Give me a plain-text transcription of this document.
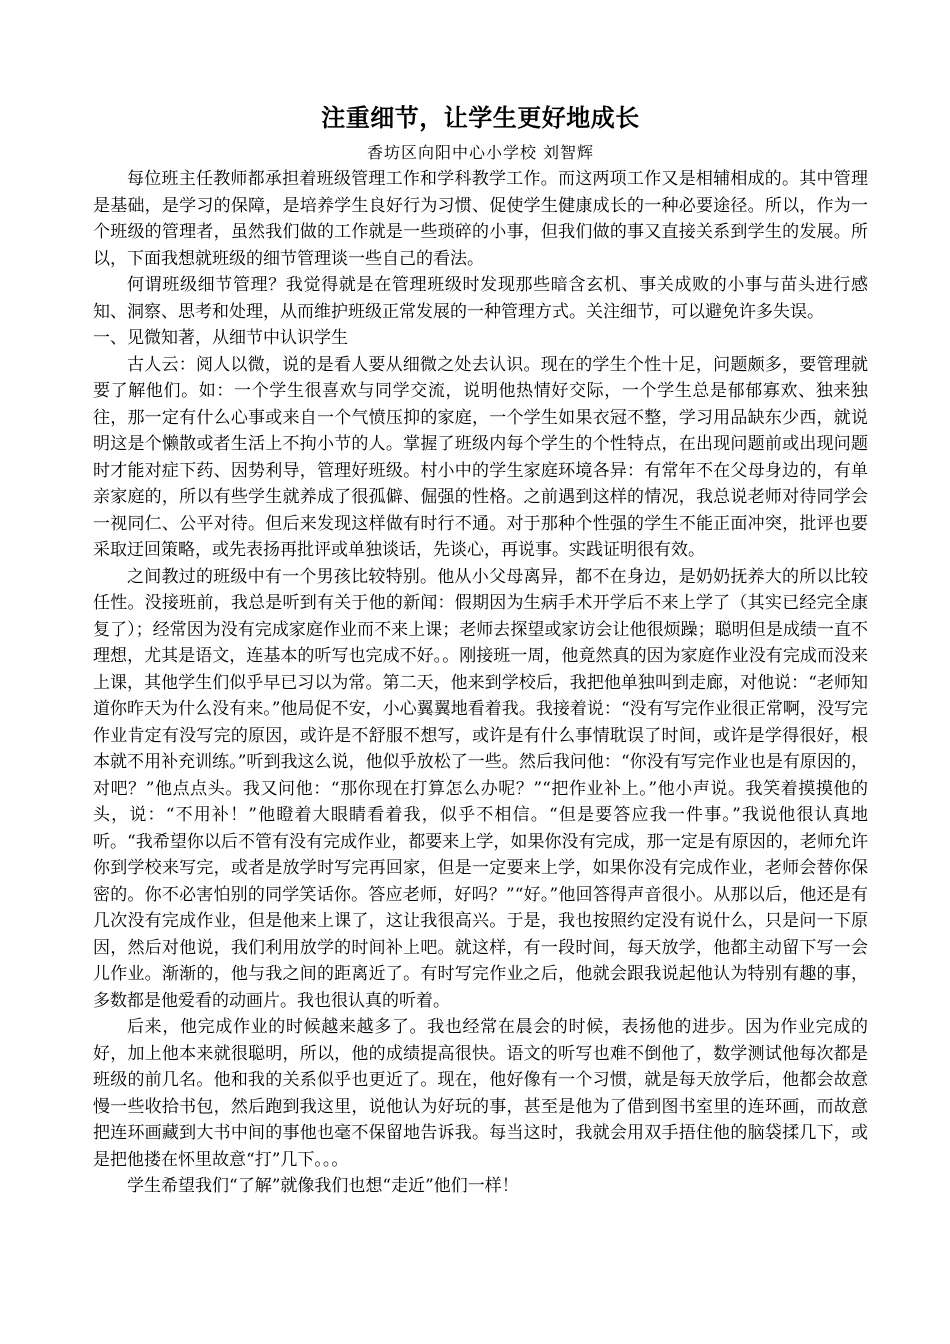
注重细节，让学生更好地成长
香坊区向阳中心小学校 刘智辉

每位班主任教师都承担着班级管理工作和学科教学工作。而这两项工作又是相辅相成的。其中管理是基础，是学习的保障，是培养学生良好行为习惯、促使学生健康成长的一种必要途径。所以，作为一个班级的管理者，虽然我们做的工作就是一些琐碎的小事，但我们做的事又直接关系到学生的发展。所以，下面我想就班级的细节管理谈一些自己的看法。

何谓班级细节管理？我觉得就是在管理班级时发现那些暗含玄机、事关成败的小事与苗头进行感知、洞察、思考和处理，从而维护班级正常发展的一种管理方式。关注细节，可以避免许多失误。

一、见微知著，从细节中认识学生

古人云：阅人以微，说的是看人要从细微之处去认识。现在的学生个性十足，问题颇多，要管理就要了解他们。如：一个学生很喜欢与同学交流，说明他热情好交际，一个学生总是郁郁寡欢、独来独往，那一定有什么心事或来自一个气愤压抑的家庭，一个学生如果衣冠不整，学习用品缺东少西，就说明这是个懒散或者生活上不拘小节的人。掌握了班级内每个学生的个性特点，在出现问题前或出现问题时才能对症下药、因势利导，管理好班级。村小中的学生家庭环境各异：有常年不在父母身边的，有单亲家庭的，所以有些学生就养成了很孤僻、倔强的性格。之前遇到这样的情况，我总说老师对待同学会一视同仁、公平对待。但后来发现这样做有时行不通。对于那种个性强的学生不能正面冲突，批评也要采取迂回策略，或先表扬再批评或单独谈话，先谈心，再说事。实践证明很有效。

之间教过的班级中有一个男孩比较特别。他从小父母离异，都不在身边，是奶奶抚养大的所以比较任性。没接班前，我总是听到有关于他的新闻：假期因为生病手术开学后不来上学了（其实已经完全康复了）；经常因为没有完成家庭作业而不来上课；老师去探望或家访会让他很烦躁；聪明但是成绩一直不理想，尤其是语文，连基本的听写也完成不好。。刚接班一周，他竟然真的因为家庭作业没有完成而没来上课，其他学生们似乎早已习以为常。第二天，他来到学校后，我把他单独叫到走廊，对他说：“老师知道你昨天为什么没有来。”他局促不安，小心翼翼地看着我。我接着说：“没有写完作业很正常啊，没写完作业肯定有没写完的原因，或许是不舒服不想写，或许是有什么事情耽误了时间，或许是学得很好，根本就不用补充训练。”听到我这么说，他似乎放松了一些。然后我问他：“你没有写完作业也是有原因的，对吧？”他点点头。我又问他：“那你现在打算怎么办呢？”“把作业补上。”他小声说。我笑着摸摸他的头，说：“不用补！”他瞪着大眼睛看着我，似乎不相信。“但是要答应我一件事。”我说他很认真地听。“我希望你以后不管有没有完成作业，都要来上学，如果你没有完成，那一定是有原因的，老师允许你到学校来写完，或者是放学时写完再回家，但是一定要来上学，如果你没有完成作业，老师会替你保密的。你不必害怕别的同学笑话你。答应老师，好吗？”“好。”他回答得声音很小。从那以后，他还是有几次没有完成作业，但是他来上课了，这让我很高兴。于是，我也按照约定没有说什么，只是问一下原因，然后对他说，我们利用放学的时间补上吧。就这样，有一段时间，每天放学，他都主动留下写一会儿作业。渐渐的，他与我之间的距离近了。有时写完作业之后，他就会跟我说起他认为特别有趣的事，多数都是他爱看的动画片。我也很认真的听着。

后来，他完成作业的时候越来越多了。我也经常在晨会的时候，表扬他的进步。因为作业完成的好，加上他本来就很聪明，所以，他的成绩提高很快。语文的听写也难不倒他了，数学测试他每次都是班级的前几名。他和我的关系似乎也更近了。现在，他好像有一个习惯，就是每天放学后，他都会故意慢一些收拾书包，然后跑到我这里，说他认为好玩的事，甚至是他为了借到图书室里的连环画，而故意把连环画藏到大书中间的事他也毫不保留地告诉我。每当这时，我就会用双手捂住他的脑袋揉几下，或是把他搂在怀里故意“打”几下。。。

学生希望我们“了解”就像我们也想“走近”他们一样！
